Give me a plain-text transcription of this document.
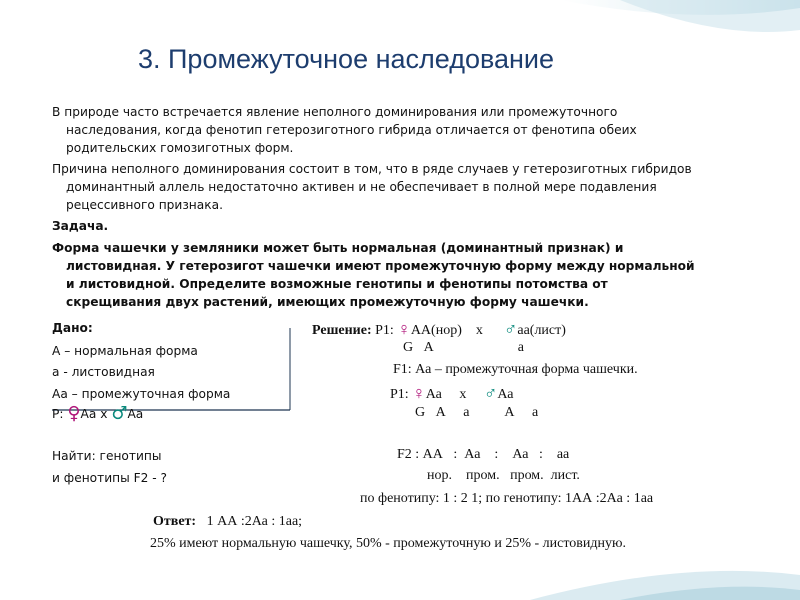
3. Промежуточное наследование
В природе часто встречается явление неполного доминирования или промежуточного
наследования, когда фенотип гетерозиготного гибрида отличается от фенотипа обеих
родительских гомозиготных форм.
Причина неполного доминирования состоит в том, что в ряде случаев у гетерозиготных гибридов
доминантный аллель недостаточно активен и не обеспечивает в полной мере подавления
рецессивного признака.
Задача.
Форма чашечки у земляники может быть нормальная (доминантный признак) и
листовидная. У гетерозигот чашечки имеют промежуточную форму между нормальной
и листовидной. Определите возможные генотипы и фенотипы потомства от
скрещивания двух растений, имеющих промежуточную форму чашечки.
Дано:
А – нормальная форма
а - листовидная
Аа – промежуточная форма
Р: ♀Аа х ♂Аа
Найти: генотипы
и фенотипы F2 - ?
Решение: Р1: ♀АА(нор) х ♂аа(лист)
G   А                        а
F1: Аа – промежуточная форма чашечки.
Р1: ♀Аа х ♂Аа
G   А     а          А     а
F2 : АА   :  Аа    :    Аа   :    аа
нор.    пром.   пром.  лист.
по фенотипу: 1 : 2 1; по генотипу: 1АА :2Аа : 1аа
Ответ: 1 АА :2Аа : 1аа;
25% имеют нормальную чашечку, 50% - промежуточную и 25% - листовидную.
